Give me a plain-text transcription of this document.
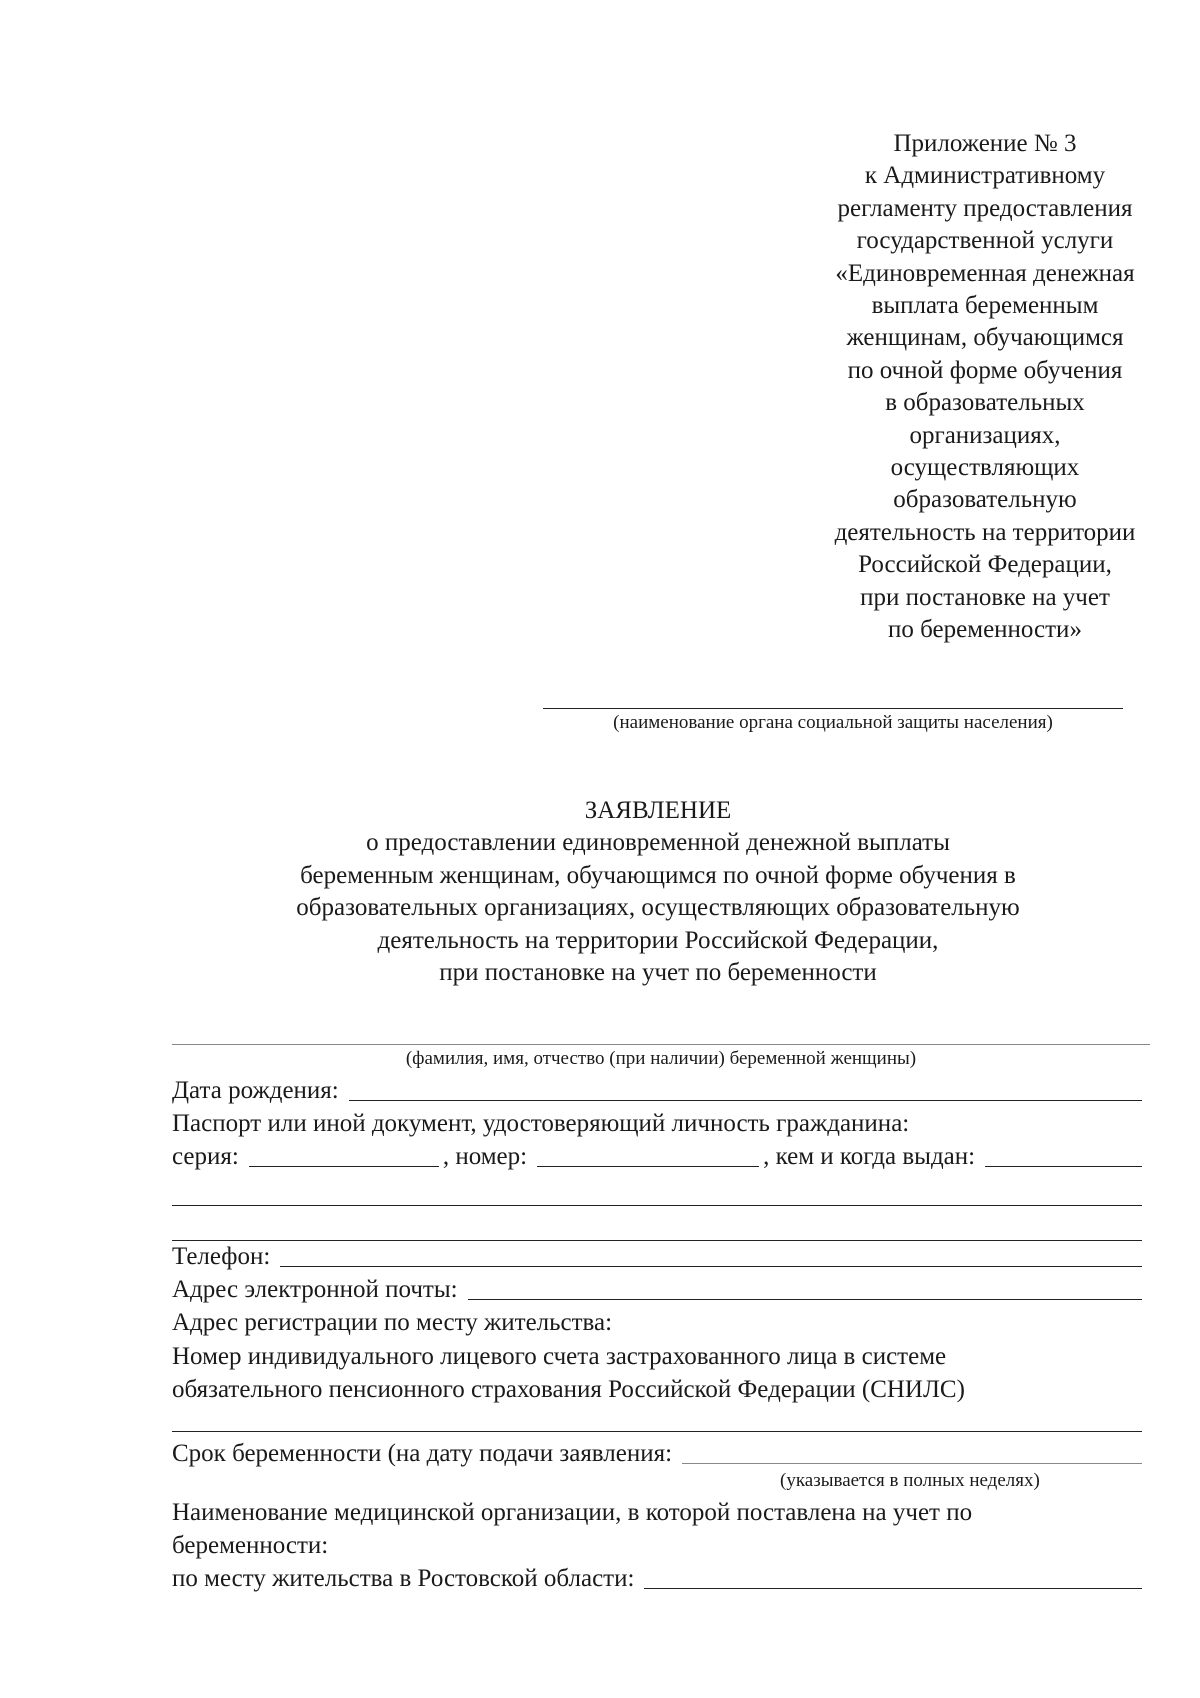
Приложение № 3
к Административному
регламенту предоставления
государственной услуги
«Единовременная денежная
выплата беременным
женщинам, обучающимся
по очной форме обучения
в образовательных
организациях,
осуществляющих
образовательную
деятельность на территории
Российской Федерации,
при постановке на учет
по беременности»
(наименование органа социальной защиты населения)
ЗАЯВЛЕНИЕ
о предоставлении единовременной денежной выплаты
беременным женщинам, обучающимся по очной форме обучения в
образовательных организациях, осуществляющих образовательную
деятельность на территории Российской Федерации,
при постановке на учет по беременности
(фамилия, имя, отчество (при наличии) беременной женщины)
Дата рождения:
Паспорт или иной документ, удостоверяющий личность гражданина:
серия:	, номер:	, кем и когда выдан:
Телефон:
Адрес электронной почты:
Адрес регистрации по месту жительства:
Номер индивидуального лицевого счета застрахованного лица в системе
обязательного пенсионного страхования Российской Федерации (СНИЛС)
Срок беременности (на дату подачи заявления:
(указывается в полных неделях)
Наименование медицинской организации, в которой поставлена на учет по
беременности:
по месту жительства в Ростовской области:
